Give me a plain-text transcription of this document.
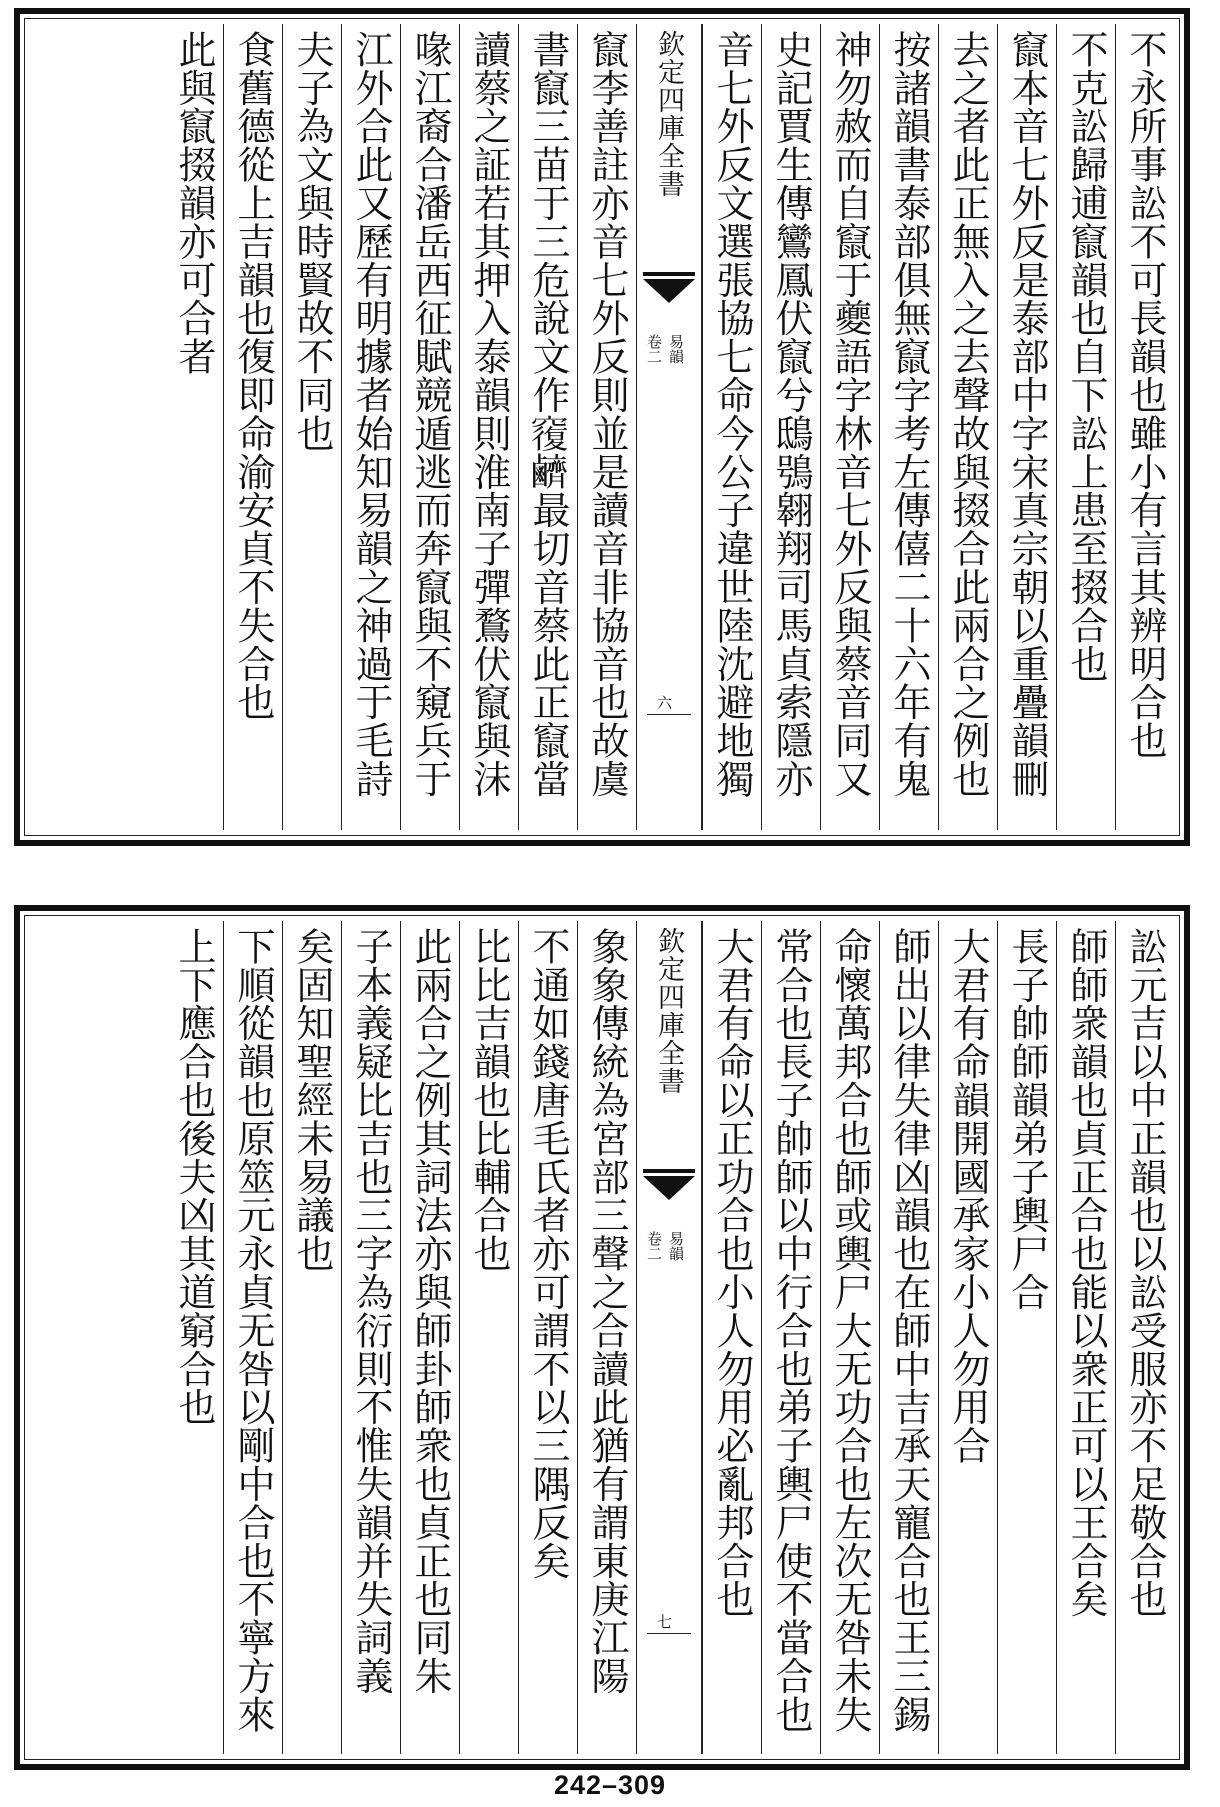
不永所事訟不可長韻也雖小有言其辨明合也
不克訟歸逋竄韻也自下訟上患至掇合也
竄本音七外反是泰部中字宋真宗朝以重疊韻刪
去之者此正無入之去聲故與掇合此兩合之例也
按諸韻書泰部俱無竄字考左傳僖二十六年有鬼
神勿赦而自竄于夔語字林音七外反與蔡音同又
史記賈生傳鸞鳳伏竄兮鴟鴞翱翔司馬貞索隱亦
音七外反文選張協七命今公子違世陸沈避地獨
欽定四庫全書
易韻
卷二
六
竄李善註亦音七外反則並是讀音非協音也故虞
書竄三苗于三危說文作𥨍𪊆最切音蔡此正竄當
讀蔡之証若其押入泰韻則淮南子彈鶩伏竄與沬
喙江裔合潘岳西征賦競遁逃而奔竄與不窺兵于
江外合此又歷有明據者始知易韻之神過于毛詩
夫子為文與時賢故不同也
食舊德從上吉韻也復即命渝安貞不失合也
此與竄掇韻亦可合者
訟元吉以中正韻也以訟受服亦不足敬合也
師師衆韻也貞正合也能以衆正可以王合矣
長子帥師韻弟子輿尸合
大君有命韻開國承家小人勿用合
師出以律失律凶韻也在師中吉承天寵合也王三錫
命懷萬邦合也師或輿尸大无功合也左次无咎未失
常合也長子帥師以中行合也弟子輿尸使不當合也
大君有命以正功合也小人勿用必亂邦合也
欽定四庫全書
易韻
卷二
七
象象傳統為宮部三聲之合讀此猶有謂東庚江陽
不通如錢唐毛氏者亦可謂不以三隅反矣
比比吉韻也比輔合也
此兩合之例其詞法亦與師卦師衆也貞正也同朱
子本義疑比吉也三字為衍則不惟失韻并失詞義
矣固知聖經未易議也
下順從韻也原筮元永貞无咎以剛中合也不寧方來
上下應合也後夫凶其道窮合也
242–309
